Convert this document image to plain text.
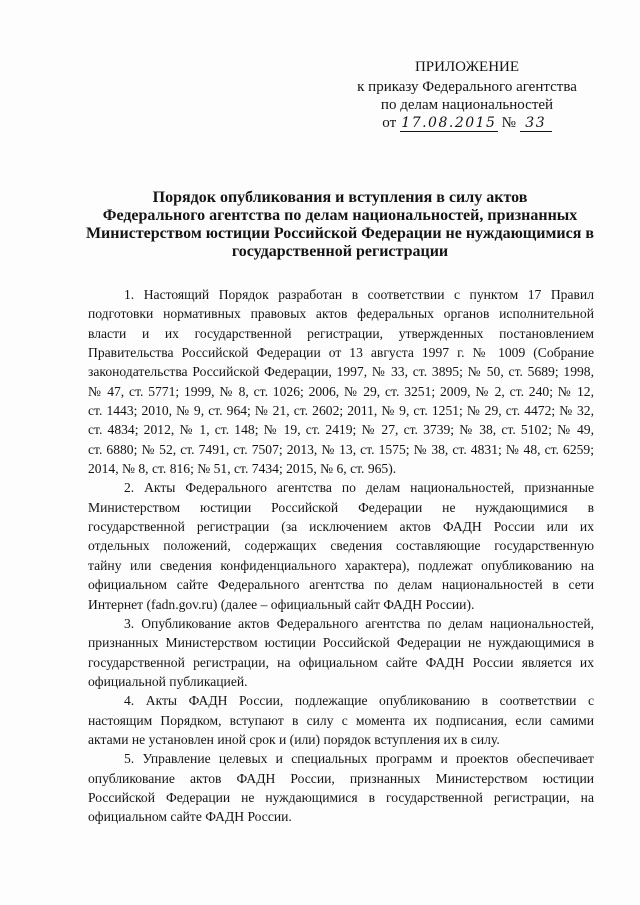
ПРИЛОЖЕНИЕ
к приказу Федерального агентства
по делам национальностей
от 17.08.2015 № 33
Порядок опубликования и вступления в силу актов
Федерального агентства по делам национальностей, признанных
Министерством юстиции Российской Федерации не нуждающимися в
государственной регистрации
1. Настоящий Порядок разработан в соответствии с пунктом 17 Правил
подготовки нормативных правовых актов федеральных органов исполнительной
власти и их государственной регистрации, утвержденных постановлением
Правительства Российской Федерации от 13 августа 1997 г. № 1009 (Собрание
законодательства Российской Федерации, 1997, № 33, ст. 3895; № 50, ст. 5689; 1998,
№ 47, ст. 5771; 1999, № 8, ст. 1026; 2006, № 29, ст. 3251; 2009, № 2, ст. 240; № 12,
ст. 1443; 2010, № 9, ст. 964; № 21, ст. 2602; 2011, № 9, ст. 1251; № 29, ст. 4472; № 32,
ст. 4834; 2012, № 1, ст. 148; № 19, ст. 2419; № 27, ст. 3739; № 38, ст. 5102; № 49,
ст. 6880; № 52, ст. 7491, ст. 7507; 2013, № 13, ст. 1575; № 38, ст. 4831; № 48, ст. 6259;
2014, № 8, ст. 816; № 51, ст. 7434; 2015, № 6, ст. 965).
2. Акты Федерального агентства по делам национальностей, признанные
Министерством юстиции Российской Федерации не нуждающимися в
государственной регистрации (за исключением актов ФАДН России или их
отдельных положений, содержащих сведения составляющие государственную
тайну или сведения конфиденциального характера), подлежат опубликованию на
официальном сайте Федерального агентства по делам национальностей в сети
Интернет (fadn.gov.ru) (далее – официальный сайт ФАДН России).
3. Опубликование актов Федерального агентства по делам национальностей,
признанных Министерством юстиции Российской Федерации не нуждающимися в
государственной регистрации, на официальном сайте ФАДН России является их
официальной публикацией.
4. Акты ФАДН России, подлежащие опубликованию в соответствии с
настоящим Порядком, вступают в силу с момента их подписания, если самими
актами не установлен иной срок и (или) порядок вступления их в силу.
5. Управление целевых и специальных программ и проектов обеспечивает
опубликование актов ФАДН России, признанных Министерством юстиции
Российской Федерации не нуждающимися в государственной регистрации, на
официальном сайте ФАДН России.
